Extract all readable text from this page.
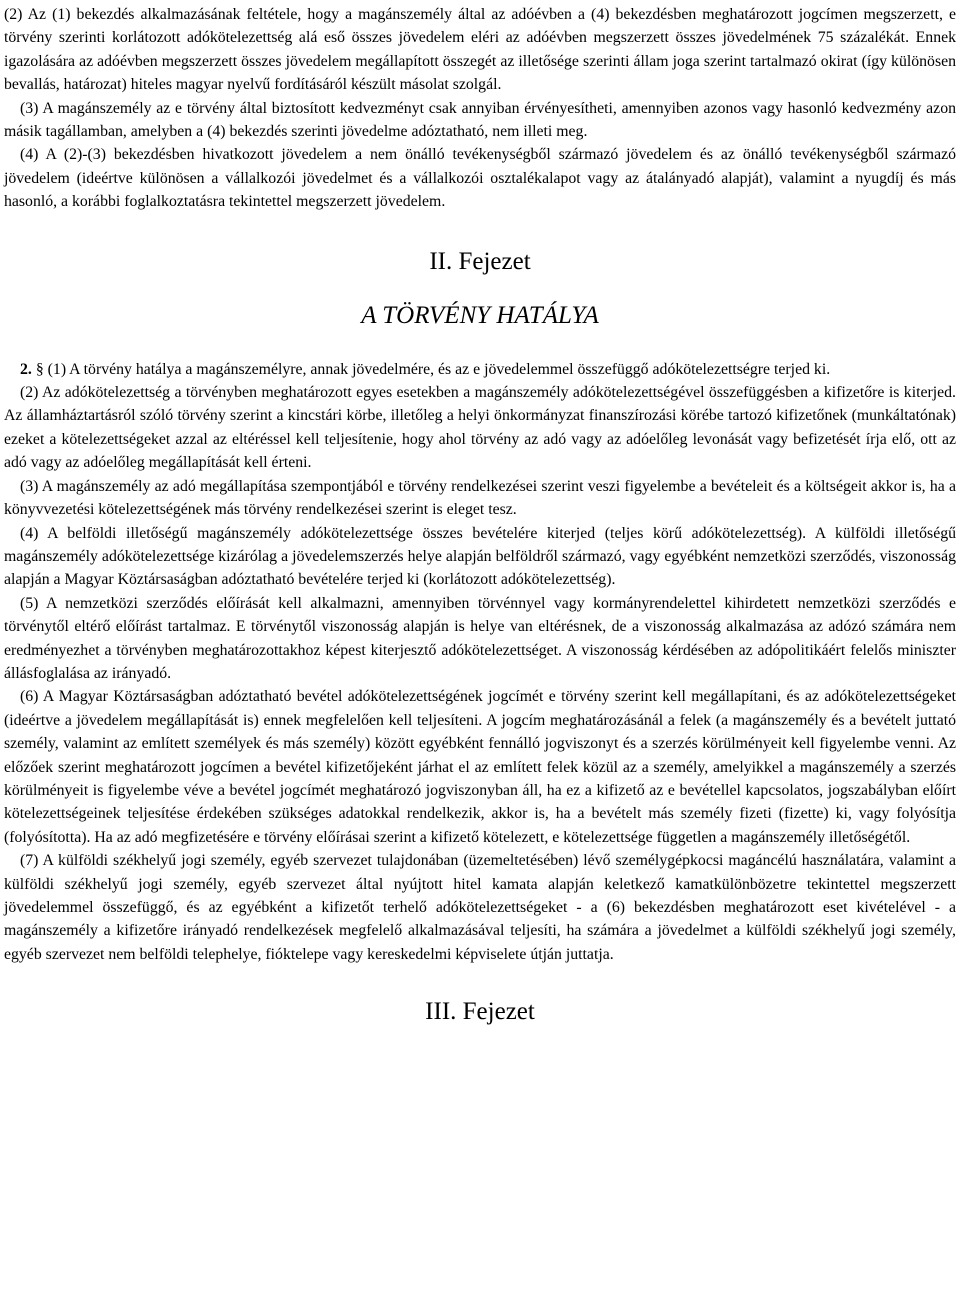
(2) Az (1) bekezdés alkalmazásának feltétele, hogy a magánszemély által az adóévben a (4) bekezdésben meghatározott jogcímen megszerzett, e törvény szerinti korlátozott adókötelezettség alá eső összes jövedelem eléri az adóévben megszerzett összes jövedelmének 75 százalékát. Ennek igazolására az adóévben megszerzett összes jövedelem megállapított összegét az illetősége szerinti állam joga szerint tartalmazó okirat (így különösen bevallás, határozat) hiteles magyar nyelvű fordításáról készült másolat szolgál.

(3) A magánszemély az e törvény által biztosított kedvezményt csak annyiban érvényesítheti, amennyiben azonos vagy hasonló kedvezmény azon másik tagállamban, amelyben a (4) bekezdés szerinti jövedelme adóztatható, nem illeti meg.

(4) A (2)-(3) bekezdésben hivatkozott jövedelem a nem önálló tevékenységből származó jövedelem és az önálló tevékenységből származó jövedelem (ideértve különösen a vállalkozói jövedelmet és a vállalkozói osztalékalapot vagy az átalányadó alapját), valamint a nyugdíj és más hasonló, a korábbi foglalkoztatásra tekintettel megszerzett jövedelem.

II. Fejezet
A TÖRVÉNY HATÁLYA

2. § (1) A törvény hatálya a magánszemélyre, annak jövedelmére, és az e jövedelemmel összefüggő adókötelezettségre terjed ki.

(2) Az adókötelezettség a törvényben meghatározott egyes esetekben a magánszemély adókötelezettségével összefüggésben a kifizetőre is kiterjed. Az államháztartásról szóló törvény szerint a kincstári körbe, illetőleg a helyi önkormányzat finanszírozási körébe tartozó kifizetőnek (munkáltatónak) ezeket a kötelezettségeket azzal az eltéréssel kell teljesítenie, hogy ahol törvény az adó vagy az adóelőleg levonását vagy befizetését írja elő, ott az adó vagy az adóelőleg megállapítását kell érteni.

(3) A magánszemély az adó megállapítása szempontjából e törvény rendelkezései szerint veszi figyelembe a bevételeit és a költségeit akkor is, ha a könyvvezetési kötelezettségének más törvény rendelkezései szerint is eleget tesz.

(4) A belföldi illetőségű magánszemély adókötelezettsége összes bevételére kiterjed (teljes körű adókötelezettség). A külföldi illetőségű magánszemély adókötelezettsége kizárólag a jövedelemszerzés helye alapján belföldről származó, vagy egyébként nemzetközi szerződés, viszonosság alapján a Magyar Köztársaságban adóztatható bevételére terjed ki (korlátozott adókötelezettség).

(5) A nemzetközi szerződés előírását kell alkalmazni, amennyiben törvénnyel vagy kormányrendelettel kihirdetett nemzetközi szerződés e törvénytől eltérő előírást tartalmaz. E törvénytől viszonosság alapján is helye van eltérésnek, de a viszonosság alkalmazása az adózó számára nem eredményezhet a törvényben meghatározottakhoz képest kiterjesztő adókötelezettséget. A viszonosság kérdésében az adópolitikáért felelős miniszter állásfoglalása az irányadó.

(6) A Magyar Köztársaságban adóztatható bevétel adókötelezettségének jogcímét e törvény szerint kell megállapítani, és az adókötelezettségeket (ideértve a jövedelem megállapítását is) ennek megfelelően kell teljesíteni. A jogcím meghatározásánál a felek (a magánszemély és a bevételt juttató személy, valamint az említett személyek és más személy) között egyébként fennálló jogviszonyt és a szerzés körülményeit kell figyelembe venni. Az előzőek szerint meghatározott jogcímen a bevétel kifizetőjeként járhat el az említett felek közül az a személy, amelyikkel a magánszemély a szerzés körülményeit is figyelembe véve a bevétel jogcímét meghatározó jogviszonyban áll, ha ez a kifizető az e bevétellel kapcsolatos, jogszabályban előírt kötelezettségeinek teljesítése érdekében szükséges adatokkal rendelkezik, akkor is, ha a bevételt más személy fizeti (fizette) ki, vagy folyósítja (folyósította). Ha az adó megfizetésére e törvény előírásai szerint a kifizető kötelezett, e kötelezettsége független a magánszemély illetőségétől.

(7) A külföldi székhelyű jogi személy, egyéb szervezet tulajdonában (üzemeltetésében) lévő személygépkocsi magáncélú használatára, valamint a külföldi székhelyű jogi személy, egyéb szervezet által nyújtott hitel kamata alapján keletkező kamatkülönbözetre tekintettel megszerzett jövedelemmel összefüggő, és az egyébként a kifizetőt terhelő adókötelezettségeket - a (6) bekezdésben meghatározott eset kivételével - a magánszemély a kifizetőre irányadó rendelkezések megfelelő alkalmazásával teljesíti, ha számára a jövedelmet a külföldi székhelyű jogi személy, egyéb szervezet nem belföldi telephelye, fióktelepe vagy kereskedelmi képviselete útján juttatja.

III. Fejezet
